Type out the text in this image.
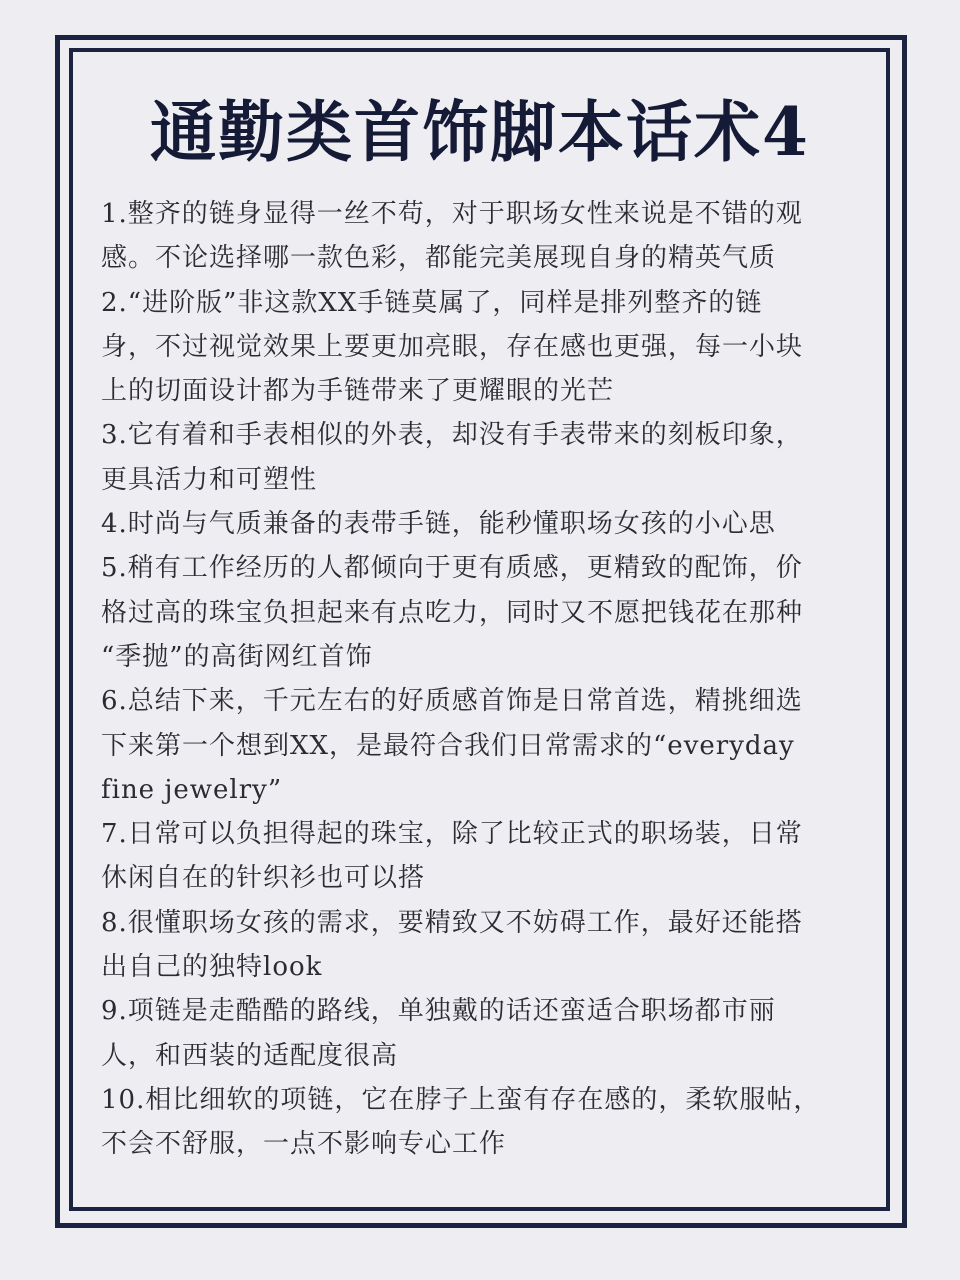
通勤类首饰脚本话术4
1.整齐的链身显得一丝不苟，对于职场女性来说是不错的观
感。不论选择哪一款色彩，都能完美展现自身的精英气质
2.“进阶版”非这款XX手链莫属了，同样是排列整齐的链
身，不过视觉效果上要更加亮眼，存在感也更强，每一小块
上的切面设计都为手链带来了更耀眼的光芒
3.它有着和手表相似的外表，却没有手表带来的刻板印象，
更具活力和可塑性
4.时尚与气质兼备的表带手链，能秒懂职场女孩的小心思
5.稍有工作经历的人都倾向于更有质感，更精致的配饰，价
格过高的珠宝负担起来有点吃力，同时又不愿把钱花在那种
“季抛”的高街网红首饰
6.总结下来，千元左右的好质感首饰是日常首选，精挑细选
下来第一个想到XX，是最符合我们日常需求的“everyday
fine jewelry”
7.日常可以负担得起的珠宝，除了比较正式的职场装，日常
休闲自在的针织衫也可以搭
8.很懂职场女孩的需求，要精致又不妨碍工作，最好还能搭
出自己的独特look
9.项链是走酷酷的路线，单独戴的话还蛮适合职场都市丽
人，和西装的适配度很高
10.相比细软的项链，它在脖子上蛮有存在感的，柔软服帖，
不会不舒服，一点不影响专心工作
